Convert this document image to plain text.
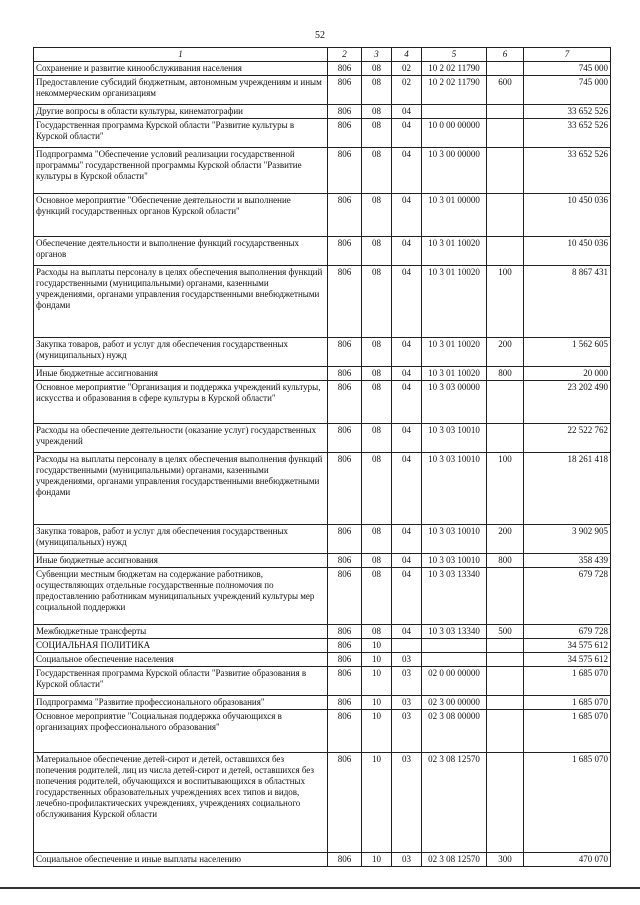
52
1	2	3	4	5	6	7
Сохранение и развитие кинообслуживания населения	806	08	02	10 2 02 11790		745 000
Предоставление субсидий бюджетным, автономным учреждениям и иным некоммерческим организациям	806	08	02	10 2 02 11790	600	745 000
Другие вопросы в области культуры, кинематографии	806	08	04			33 652 526
Государственная программа Курской области "Развитие культуры в Курской области"	806	08	04	10 0 00 00000		33 652 526
Подпрограмма "Обеспечение условий реализации государственной программы" государственной программы Курской области "Развитие культуры в Курской области"	806	08	04	10 3 00 00000		33 652 526
Основное мероприятие "Обеспечение деятельности и выполнение функций государственных органов Курской области"	806	08	04	10 3 01 00000		10 450 036
Обеспечение деятельности и выполнение функций государственных органов	806	08	04	10 3 01 10020		10 450 036
Расходы на выплаты персоналу в целях обеспечения выполнения функций государственными (муниципальными) органами, казенными учреждениями, органами управления государственными внебюджетными фондами	806	08	04	10 3 01 10020	100	8 867 431
Закупка товаров, работ и услуг для обеспечения государственных (муниципальных) нужд	806	08	04	10 3 01 10020	200	1 562 605
Иные бюджетные ассигнования	806	08	04	10 3 01 10020	800	20 000
Основное мероприятие "Организация и поддержка учреждений культуры, искусства и образования в сфере культуры в Курской области"	806	08	04	10 3 03 00000		23 202 490
Расходы на обеспечение деятельности (оказание услуг) государственных учреждений	806	08	04	10 3 03 10010		22 522 762
Расходы на выплаты персоналу в целях обеспечения выполнения функций государственными (муниципальными) органами, казенными учреждениями, органами управления государственными внебюджетными фондами	806	08	04	10 3 03 10010	100	18 261 418
Закупка товаров, работ и услуг для обеспечения государственных (муниципальных) нужд	806	08	04	10 3 03 10010	200	3 902 905
Иные бюджетные ассигнования	806	08	04	10 3 03 10010	800	358 439
Субвенции местным бюджетам на содержание работников, осуществляющих отдельные государственные полномочия по предоставлению работникам муниципальных учреждений культуры мер социальной поддержки	806	08	04	10 3 03 13340		679 728
Межбюджетные трансферты	806	08	04	10 3 03 13340	500	679 728
СОЦИАЛЬНАЯ ПОЛИТИКА	806	10				34 575 612
Социальное обеспечение населения	806	10	03			34 575 612
Государственная программа Курской области "Развитие образования в Курской области"	806	10	03	02 0 00 00000		1 685 070
Подпрограмма "Развитие профессионального образования"	806	10	03	02 3 00 00000		1 685 070
Основное мероприятие "Социальная поддержка обучающихся в организациях профессионального образования"	806	10	03	02 3 08 00000		1 685 070
Материальное обеспечение детей-сирот и детей, оставшихся без попечения родителей, лиц из числа детей-сирот и детей, оставшихся без попечения родителей, обучающихся и воспитывающихся в областных государственных образовательных учреждениях всех типов и видов, лечебно-профилактических учреждениях, учреждениях социального обслуживания Курской области	806	10	03	02 3 08 12570		1 685 070
Социальное обеспечение и иные выплаты населению	806	10	03	02 3 08 12570	300	470 070
